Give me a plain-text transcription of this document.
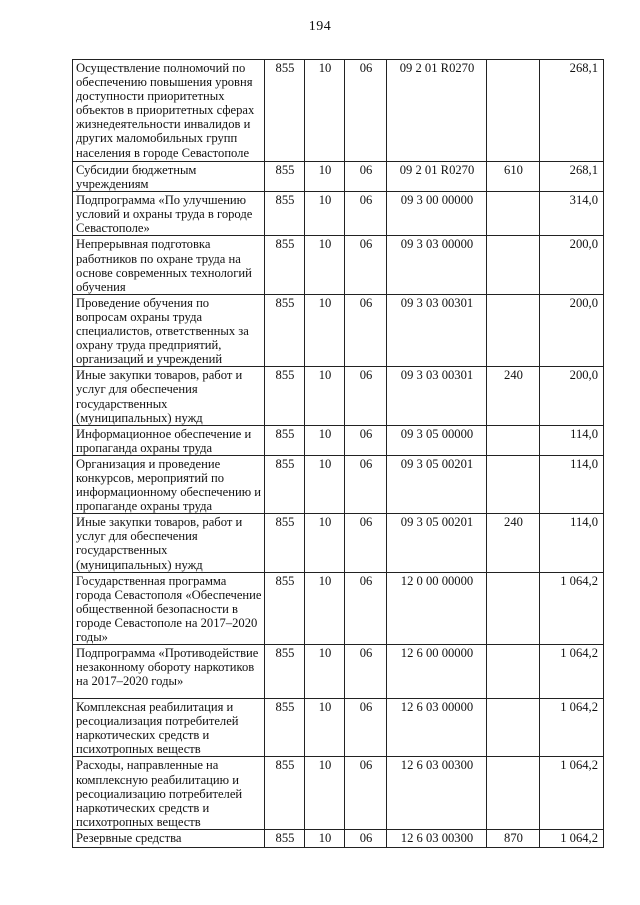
194
Осуществление полномочий по обеспечению повышения уровня доступности приоритетных объектов в приоритетных сферах жизнедеятельности инвалидов и других маломобильных групп населения в городе Севастополе	855	10	06	09 2 01 R0270		268,1
Субсидии бюджетным учреждениям	855	10	06	09 2 01 R0270	610	268,1
Подпрограмма «По улучшению условий и охраны труда в городе Севастополе»	855	10	06	09 3 00 00000		314,0
Непрерывная подготовка работников по охране труда на основе современных технологий обучения	855	10	06	09 3 03 00000		200,0
Проведение обучения по вопросам охраны труда специалистов, ответственных за охрану труда предприятий, организаций и учреждений	855	10	06	09 3 03 00301		200,0
Иные закупки товаров, работ и услуг для обеспечения государственных (муниципальных) нужд	855	10	06	09 3 03 00301	240	200,0
Информационное обеспечение и пропаганда охраны труда	855	10	06	09 3 05 00000		114,0
Организация и проведение конкурсов, мероприятий по информационному обеспечению и пропаганде охраны труда	855	10	06	09 3 05 00201		114,0
Иные закупки товаров, работ и услуг для обеспечения государственных (муниципальных) нужд	855	10	06	09 3 05 00201	240	114,0
Государственная программа города Севастополя «Обеспечение общественной безопасности в городе Севастополе на 2017–2020 годы»	855	10	06	12 0 00 00000		1 064,2
Подпрограмма «Противодействие незаконному обороту наркотиков на 2017–2020 годы»	855	10	06	12 6 00 00000		1 064,2
Комплексная реабилитация и ресоциализация потребителей наркотических средств и психотропных веществ	855	10	06	12 6 03 00000		1 064,2
Расходы, направленные на комплексную реабилитацию и ресоциализацию потребителей наркотических средств и психотропных веществ	855	10	06	12 6 03 00300		1 064,2
Резервные средства	855	10	06	12 6 03 00300	870	1 064,2
